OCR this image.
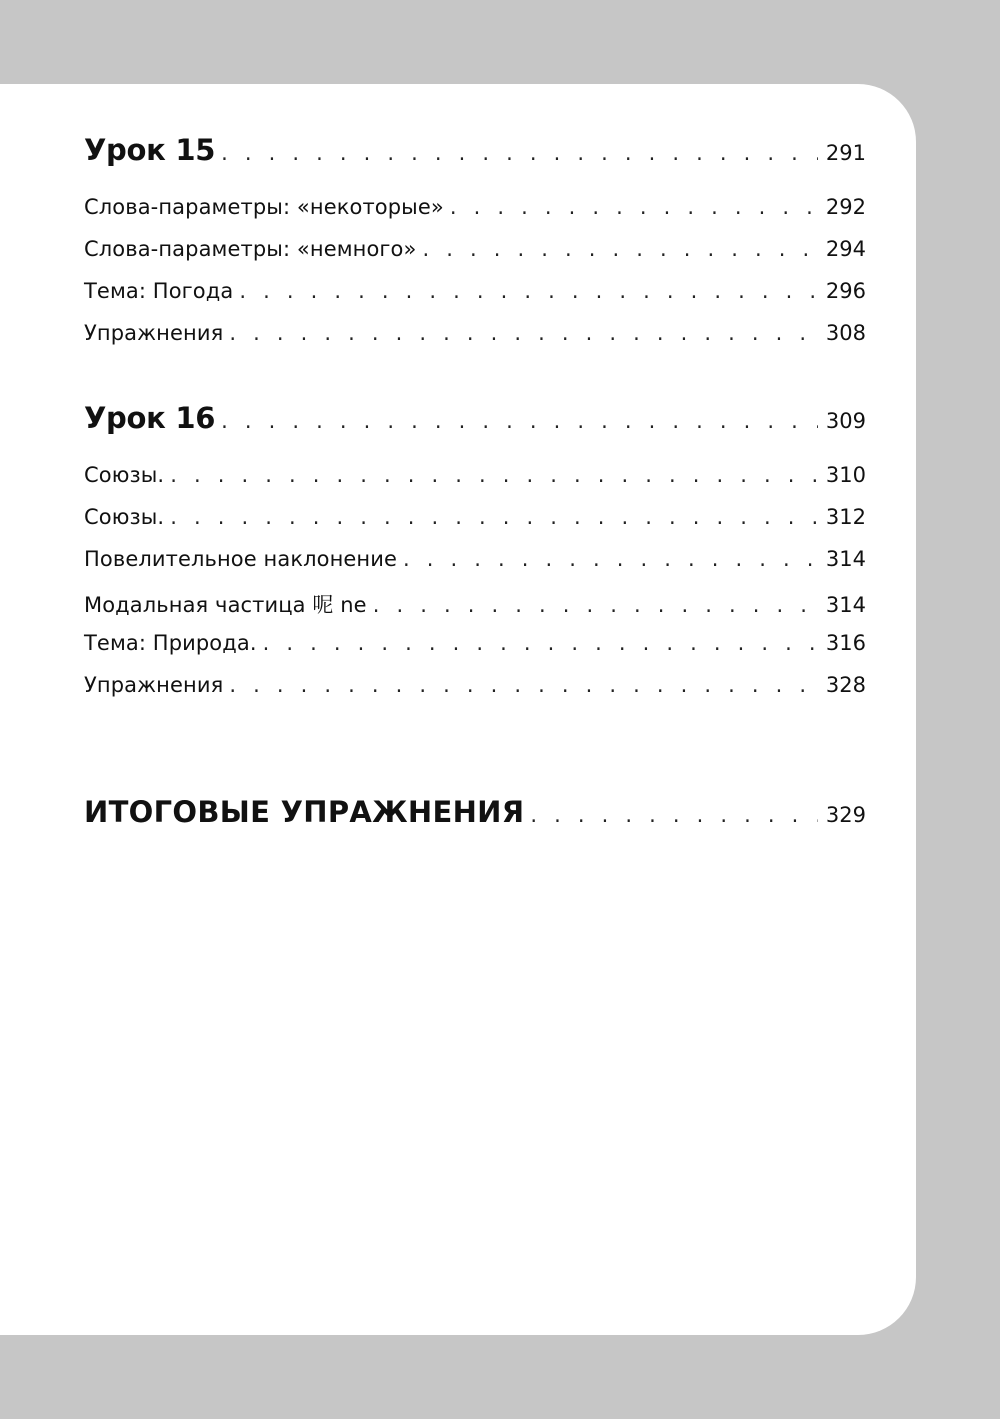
Урок 15 . . .	291
Слова-параметры: «некоторые» . . .	292
Слова-параметры: «немного» . . .	294
Тема: Погода . . .	296
Упражнения . . .	308
Урок 16 . . .	309
Союзы. . . .	310
Союзы. . . .	312
Повелительное наклонение . . .	314
Модальная частица 呢 ne . . .	314
Тема: Природа. . . .	316
Упражнения . . .	328
ИТОГОВЫЕ УПРАЖНЕНИЯ . . .	329
